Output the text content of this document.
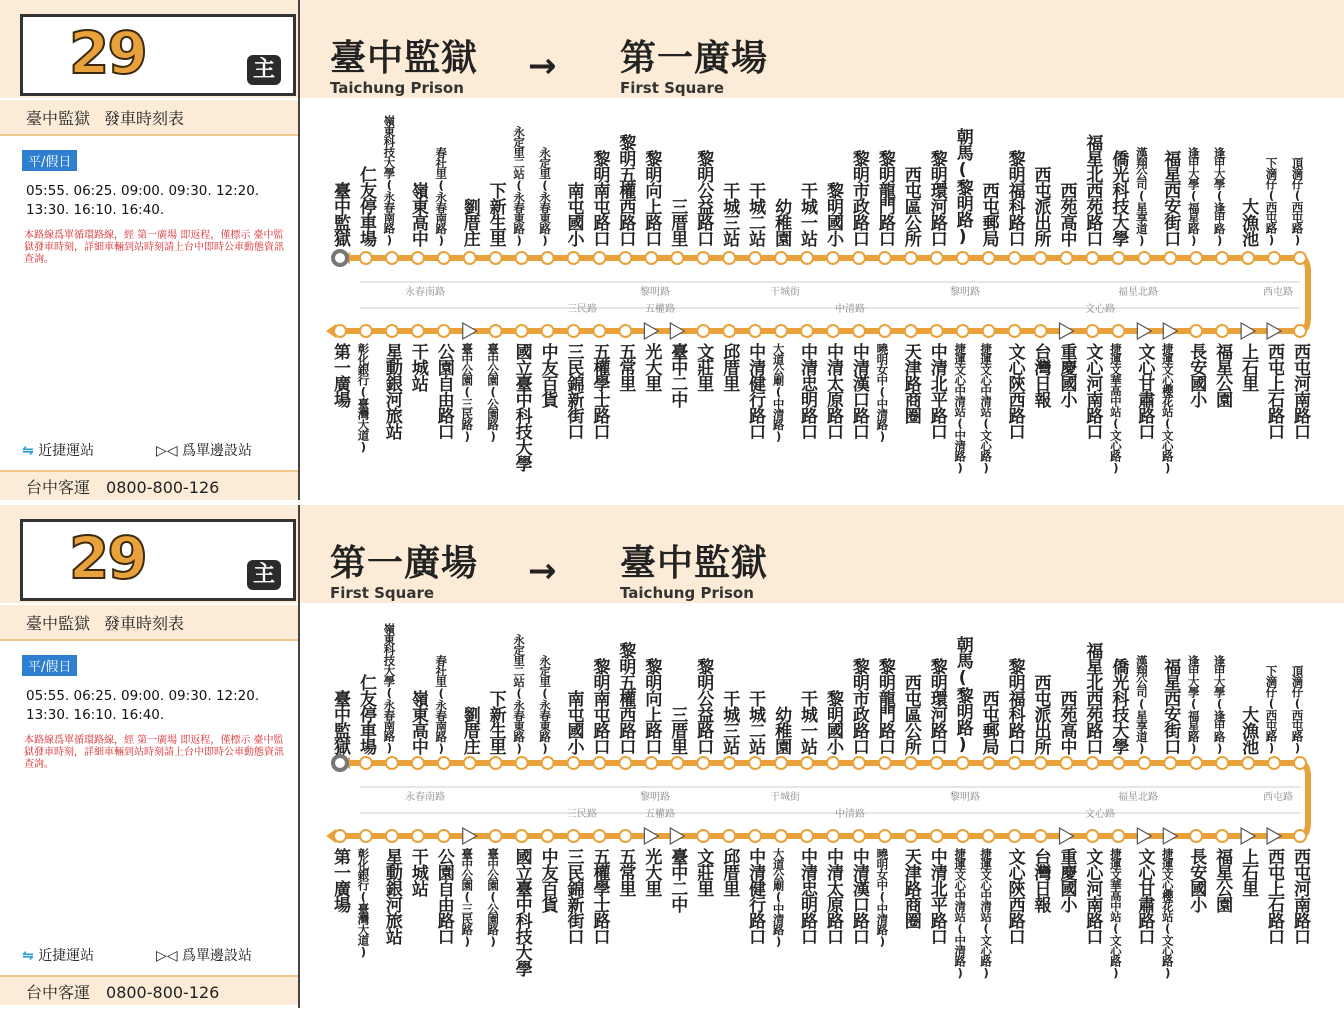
29	主 臺中監獄
Taichung Prison
→ 第一廣場
First Square
臺中監獄 發車時刻表
平/假日
05:55. 06:25. 09:00. 09:30. 12:20.
13:30. 16:10. 16:40.
本路線爲單循環路線，經 第一廣場 即返程，僅標示 臺中監獄發車時刻，詳細車輛到站時刻請上台中即時公車動態資訊查詢。
⇋ 近捷運站	▷◁ 爲單邊設站
台中客運 0800-800-126
臺中監獄 仁友停車場 嶺東科技大學(永春南路) 嶺東高中 春社里(永春南路) 劉厝庄 下新生里 永定里二站(永春東路) 永定里(永春東路) 南屯國小 黎明南屯路口 黎明五權西路口 黎明向上路口 三厝里 黎明公益路口 干城三站 干城二站 幼稚園 干城一站 黎明國小 黎明市政路口 黎明龍門路口 西屯區公所 黎明環河路口 朝馬(黎明路) 西屯郵局 黎明福科路口 西屯派出所 西苑高中 福星北西苑路口 僑光科技大學 漢翔公司(星享道) 福星西安街口 逢甲大學(福星路) 逢甲大學(逢甲路) 大漁池 下滴仔(西屯路) 頂滴仔(西屯路)
第一廣場 彰化銀行(臺灣大道) 星動銀河旅站 干城站 公園自由路口 臺中公園(三民路) 臺中公園(公園路) 國立臺中科技大學 中友百貨 三民錦新街口 五權學士路口 五常里 光大里 臺中二中 文莊里 邱厝里 中清健行路口 大道公廟(中清路) 中清忠明路口 中清太原路口 中清漢口路口 曉明女中(中清路) 天津路商圈 中清北平路口 捷運文心中清站(中清路) 捷運文心中清站(文心路) 文心陝西路口 台灣日報 重慶國小 文心河南路口 捷運文華高中站(文心路) 文心甘肅路口 捷運文心櫻花站(文心路) 長安國小 福星公園 上石里 西屯上石路口 西屯河南路口
永春南路	黎明路	干城街	黎明路	福星北路	西屯路
三民路	五權路	中清路	文心路
29	主 第一廣場
First Square
→ 臺中監獄
Taichung Prison
臺中監獄 發車時刻表
平/假日
05:55. 06:25. 09:00. 09:30. 12:20.
13:30. 16:10. 16:40.
本路線爲單循環路線，經 第一廣場 即返程，僅標示 臺中監獄發車時刻，詳細車輛到站時刻請上台中即時公車動態資訊查詢。
⇋ 近捷運站	▷◁ 爲單邊設站
台中客運 0800-800-126
臺中監獄 仁友停車場 嶺東科技大學(永春南路) 嶺東高中 春社里(永春南路) 劉厝庄 下新生里 永定里二站(永春東路) 永定里(永春東路) 南屯國小 黎明南屯路口 黎明五權西路口 黎明向上路口 三厝里 黎明公益路口 干城三站 干城二站 幼稚園 干城一站 黎明國小 黎明市政路口 黎明龍門路口 西屯區公所 黎明環河路口 朝馬(黎明路) 西屯郵局 黎明福科路口 西屯派出所 西苑高中 福星北西苑路口 僑光科技大學 漢翔公司(星享道) 福星西安街口 逢甲大學(福星路) 逢甲大學(逢甲路) 大漁池 下滴仔(西屯路) 頂滴仔(西屯路)
第一廣場 彰化銀行(臺灣大道) 星動銀河旅站 干城站 公園自由路口 臺中公園(三民路) 臺中公園(公園路) 國立臺中科技大學 中友百貨 三民錦新街口 五權學士路口 五常里 光大里 臺中二中 文莊里 邱厝里 中清健行路口 大道公廟(中清路) 中清忠明路口 中清太原路口 中清漢口路口 曉明女中(中清路) 天津路商圈 中清北平路口 捷運文心中清站(中清路) 捷運文心中清站(文心路) 文心陝西路口 台灣日報 重慶國小 文心河南路口 捷運文華高中站(文心路) 文心甘肅路口 捷運文心櫻花站(文心路) 長安國小 福星公園 上石里 西屯上石路口 西屯河南路口
永春南路	黎明路	干城街	黎明路	福星北路	西屯路
三民路	五權路	中清路	文心路
